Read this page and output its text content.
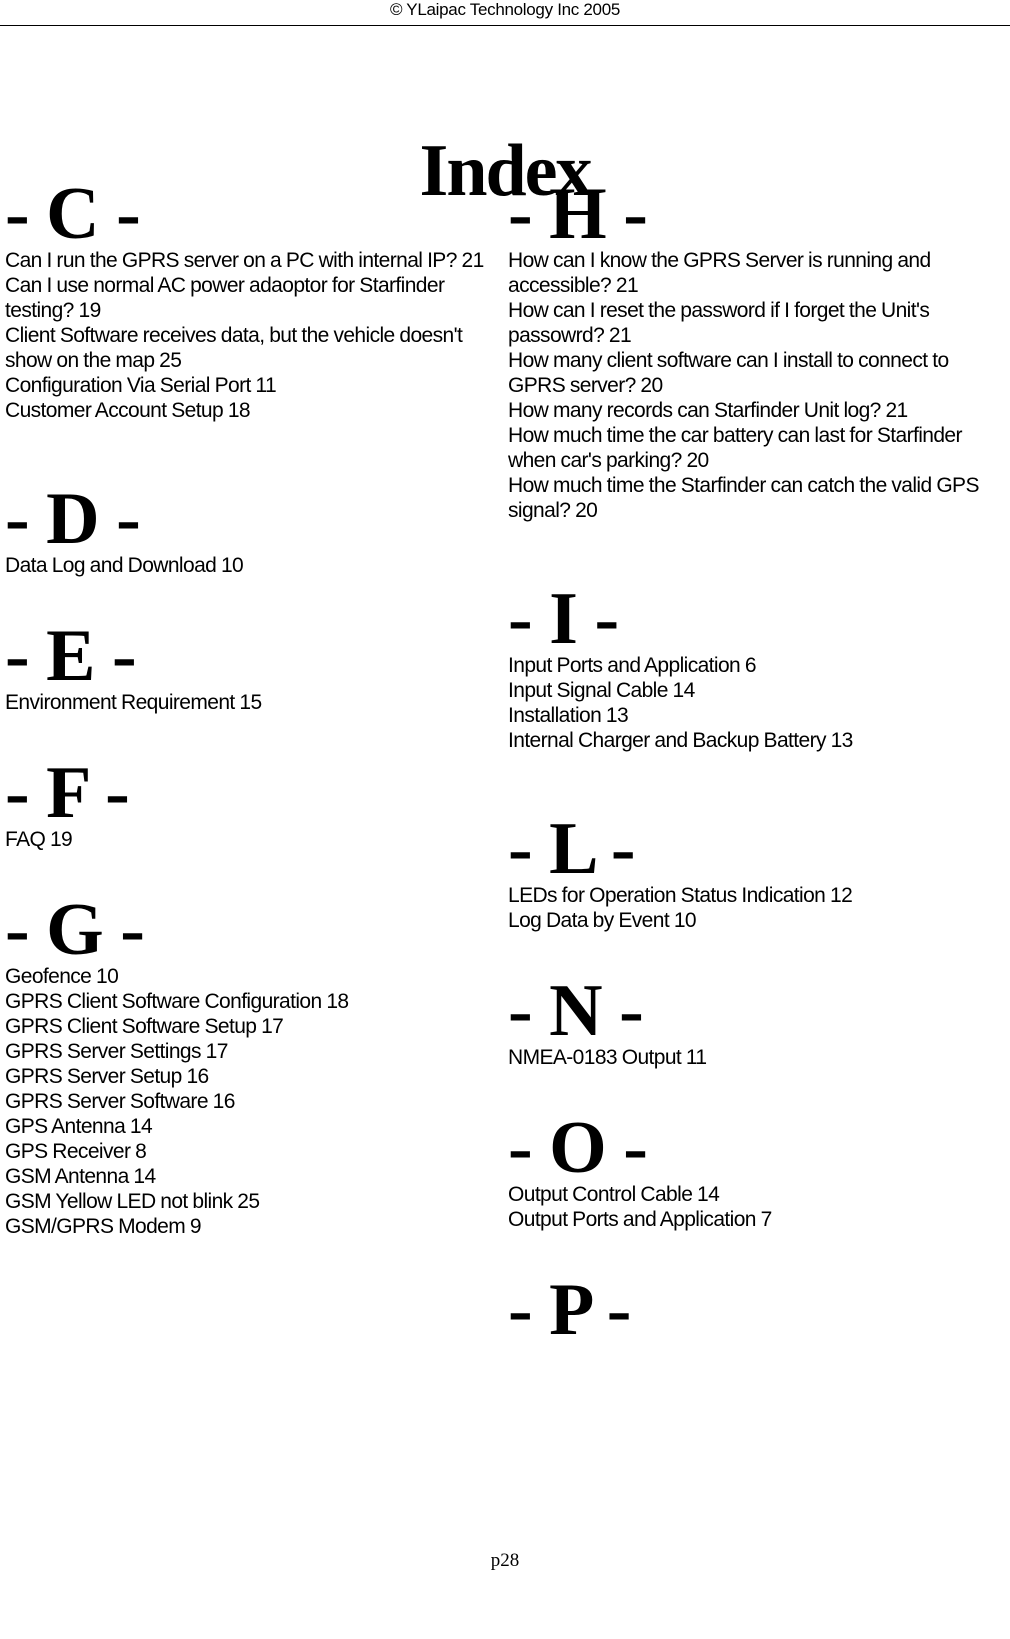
© YLaipac Technology Inc 2005
Index
- C -
Can I run the GPRS server on a PC with internal IP? 21
Can I use normal AC power adaoptor for Starfinder testing? 19
Client Software receives data, but the vehicle doesn't show on the map 25
Configuration Via Serial Port 11
Customer Account Setup 18
- D -
Data Log and Download 10
- E -
Environment Requirement 15
- F -
FAQ 19
- G -
Geofence 10
GPRS Client Software Configuration 18
GPRS Client Software Setup 17
GPRS Server Settings 17
GPRS Server Setup 16
GPRS Server Software 16
GPS Antenna 14
GPS Receiver 8
GSM Antenna 14
GSM Yellow LED not blink 25
GSM/GPRS Modem 9
- H -
How can I know the GPRS Server is running and accessible? 21
How can I reset the password if I forget the Unit's passowrd? 21
How many client software can I install to connect to GPRS server? 20
How many records can Starfinder Unit log? 21
How much time the car battery can last for Starfinder when car's parking? 20
How much time the Starfinder can catch the valid GPS signal? 20
- I -
Input Ports and Application 6
Input Signal Cable 14
Installation 13
Internal Charger and Backup Battery 13
- L -
LEDs for Operation Status Indication 12
Log Data by Event 10
- N -
NMEA-0183 Output 11
- O -
Output Control Cable 14
Output Ports and Application 7
- P -
p28
